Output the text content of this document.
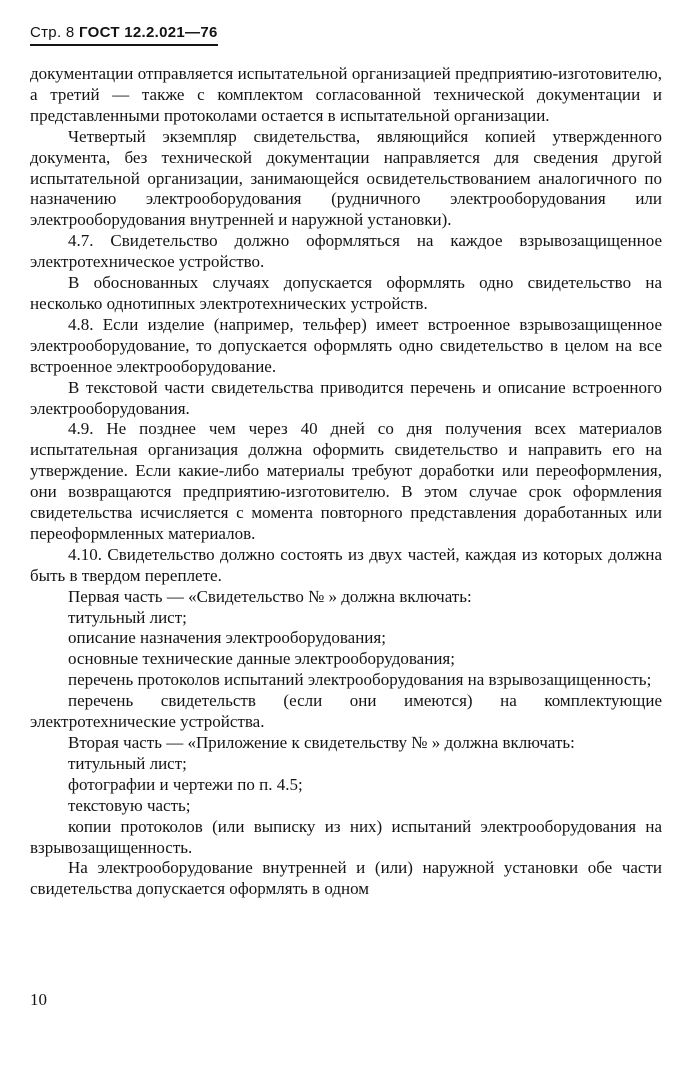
Стр. 8 ГОСТ 12.2.021—76

документации отправляется испытательной организацией предприятию-изготовителю, а третий — также с комплектом согласованной технической документации и представленными протоколами остается в испытательной организации.

Четвертый экземпляр свидетельства, являющийся копией утвержденного документа, без технической документации направляется для сведения другой испытательной организации, занимающейся освидетельствованием аналогичного по назначению электрооборудования (рудничного электрооборудования или электрооборудования внутренней и наружной установки).

4.7. Свидетельство должно оформляться на каждое взрывозащищенное электротехническое устройство.

В обоснованных случаях допускается оформлять одно свидетельство на несколько однотипных электротехнических устройств.

4.8. Если изделие (например, тельфер) имеет встроенное взрывозащищенное электрооборудование, то допускается оформлять одно свидетельство в целом на все встроенное электрооборудование.

В текстовой части свидетельства приводится перечень и описание встроенного электрооборудования.

4.9. Не позднее чем через 40 дней со дня получения всех материалов испытательная организация должна оформить свидетельство и направить его на утверждение. Если какие-либо материалы требуют доработки или переоформления, они возвращаются предприятию-изготовителю. В этом случае срок оформления свидетельства исчисляется с момента повторного представления доработанных или переоформленных материалов.

4.10. Свидетельство должно состоять из двух частей, каждая из которых должна быть в твердом переплете.

Первая часть — «Свидетельство № » должна включать:

титульный лист;

описание назначения электрооборудования;

основные технические данные электрооборудования;

перечень протоколов испытаний электрооборудования на взрывозащищенность;

перечень свидетельств (если они имеются) на комплектующие электротехнические устройства.

Вторая часть — «Приложение к свидетельству № » должна включать:

титульный лист;

фотографии и чертежи по п. 4.5;

текстовую часть;

копии протоколов (или выписку из них) испытаний электрооборудования на взрывозащищенность.

На электрооборудование внутренней и (или) наружной установки обе части свидетельства допускается оформлять в одном

10
